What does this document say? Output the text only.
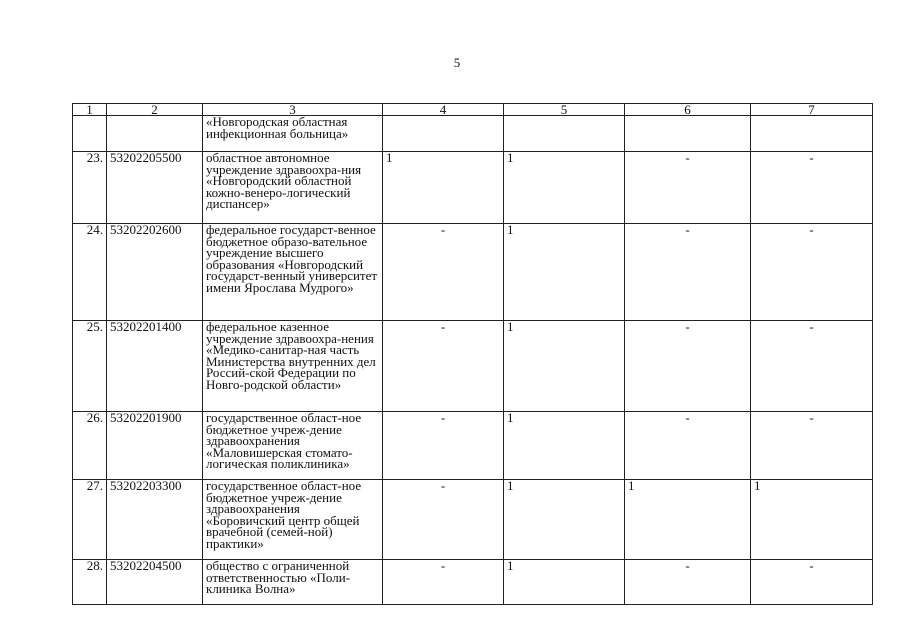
5
1	2	3	4	5	6	7
		«Новгородская областная инфекционная больница»				
23.	53202205500	областное автономное учреждение здравоохра-ния «Новгородский областной кожно-венеро-логический диспансер»	1	1	-	-
24.	53202202600	федеральное государст-венное бюджетное образо-вательное учреждение высшего образования «Новгородский государст-венный университет имени Ярослава Мудрого»	-	1	-	-
25.	53202201400	федеральное казенное учреждение здравоохра-нения «Медико-санитар-ная часть Министерства внутренних дел Россий-ской Федерации по Новго-родской области»	-	1	-	-
26.	53202201900	государственное област-ное бюджетное учреж-дение здравоохранения «Маловишерская стомато-логическая поликлиника»	-	1	-	-
27.	53202203300	государственное област-ное бюджетное учреж-дение здравоохранения «Боровичский центр общей врачебной (семей-ной) практики»	-	1	1	1
28.	53202204500	общество с ограниченной ответственностью «Поли-клиника Волна»	-	1	-	-
